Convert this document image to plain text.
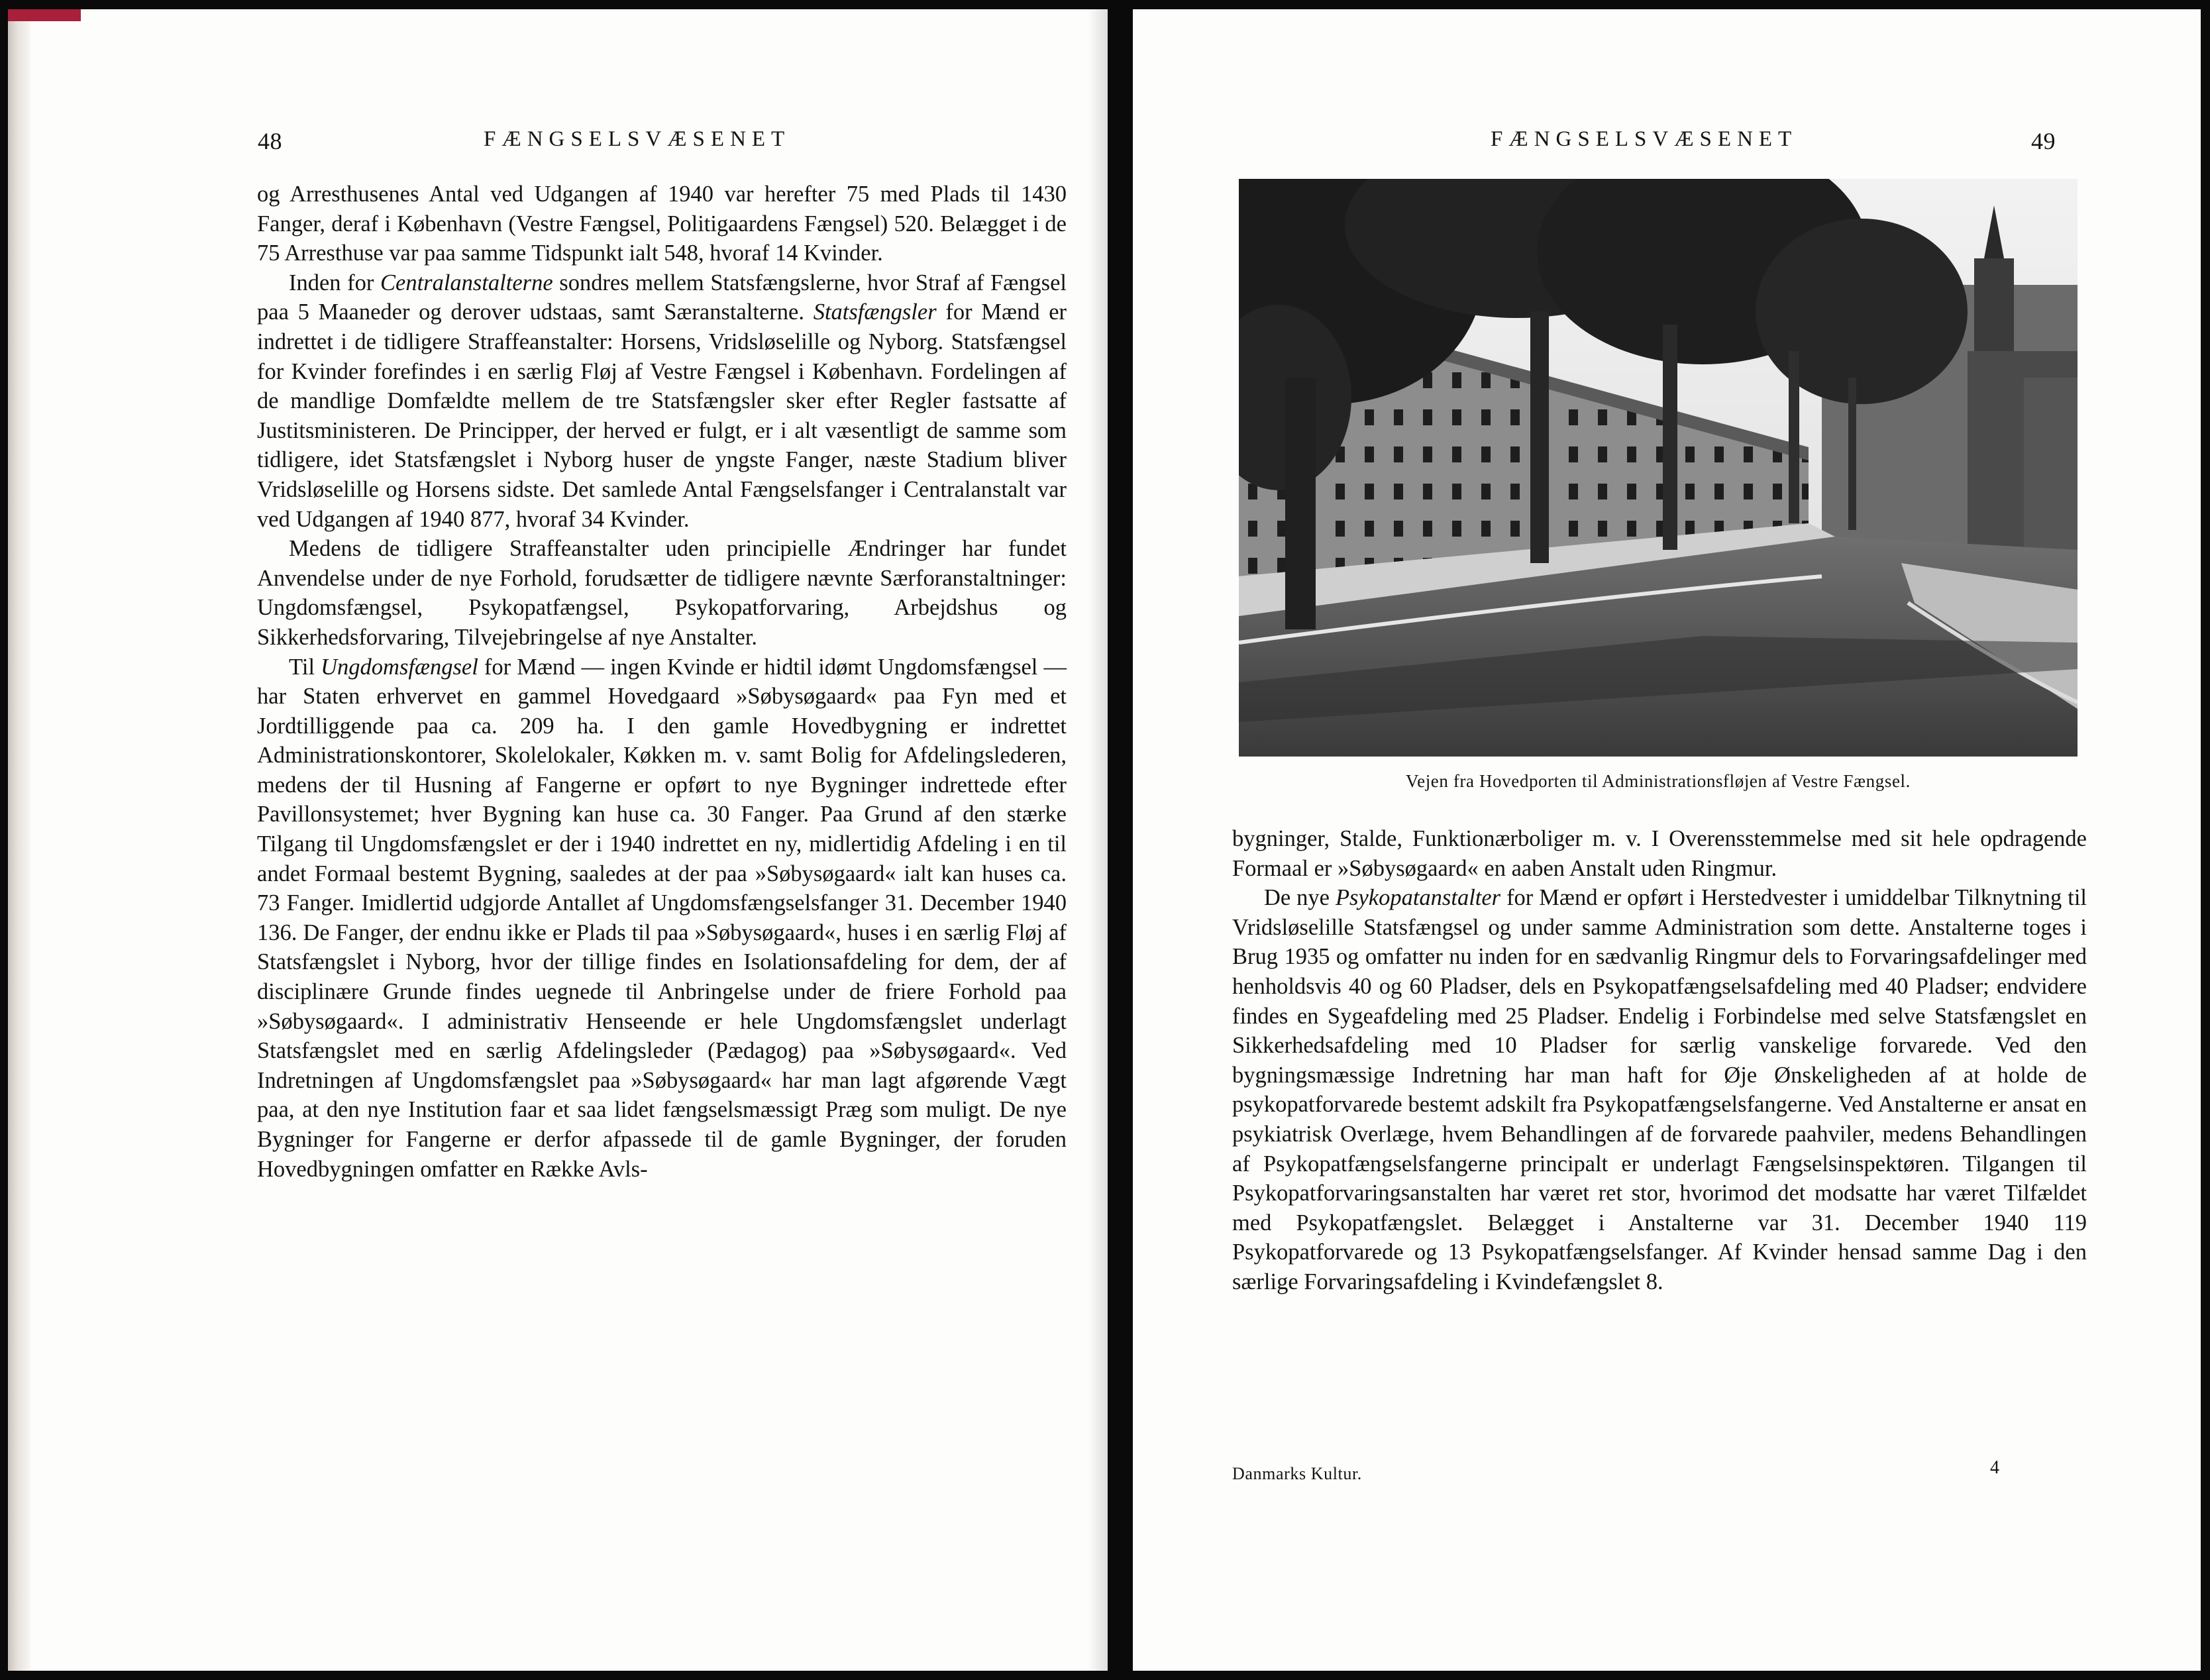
48	FÆNGSELSVÆSENET

og Arresthusenes Antal ved Udgangen af 1940 var herefter 75 med Plads til 1430 Fanger, deraf i København (Vestre Fængsel, Politigaardens Fængsel) 520. Belægget i de 75 Arresthuse var paa samme Tidspunkt ialt 548, hvoraf 14 Kvinder.

Inden for Centralanstalterne sondres mellem Statsfængslerne, hvor Straf af Fængsel paa 5 Maaneder og derover udstaas, samt Særanstalterne. Statsfængsler for Mænd er indrettet i de tidligere Straffeanstalter: Horsens, Vridsløselille og Nyborg. Statsfængsel for Kvinder forefindes i en særlig Fløj af Vestre Fængsel i København. Fordelingen af de mandlige Domfældte mellem de tre Statsfængsler sker efter Regler fastsatte af Justitsministeren. De Principper, der herved er fulgt, er i alt væsentligt de samme som tidligere, idet Statsfængslet i Nyborg huser de yngste Fanger, næste Stadium bliver Vridsløselille og Horsens sidste. Det samlede Antal Fængselsfanger i Centralanstalt var ved Udgangen af 1940 877, hvoraf 34 Kvinder.

Medens de tidligere Straffeanstalter uden principielle Ændringer har fundet Anvendelse under de nye Forhold, forudsætter de tidligere nævnte Særforanstaltninger: Ungdomsfængsel, Psykopatfængsel, Psykopatforvaring, Arbejdshus og Sikkerhedsforvaring, Tilvejebringelse af nye Anstalter.

Til Ungdomsfængsel for Mænd — ingen Kvinde er hidtil idømt Ungdomsfængsel — har Staten erhvervet en gammel Hovedgaard »Søbysøgaard« paa Fyn med et Jordtilliggende paa ca. 209 ha. I den gamle Hovedbygning er indrettet Administrationskontorer, Skolelokaler, Køkken m. v. samt Bolig for Afdelingslederen, medens der til Husning af Fangerne er opført to nye Bygninger indrettede efter Pavillonsystemet; hver Bygning kan huse ca. 30 Fanger. Paa Grund af den stærke Tilgang til Ungdomsfængslet er der i 1940 indrettet en ny, midlertidig Afdeling i en til andet Formaal bestemt Bygning, saaledes at der paa »Søbysøgaard« ialt kan huses ca. 73 Fanger. Imidlertid udgjorde Antallet af Ungdomsfængselsfanger 31. December 1940 136. De Fanger, der endnu ikke er Plads til paa »Søbysøgaard«, huses i en særlig Fløj af Statsfængslet i Nyborg, hvor der tillige findes en Isolationsafdeling for dem, der af disciplinære Grunde findes uegnede til Anbringelse under de friere Forhold paa »Søbysøgaard«. I administrativ Henseende er hele Ungdomsfængslet underlagt Statsfængslet med en særlig Afdelingsleder (Pædagog) paa »Søbysøgaard«. Ved Indretningen af Ungdomsfængslet paa »Søbysøgaard« har man lagt afgørende Vægt paa, at den nye Institution faar et saa lidet fængselsmæssigt Præg som muligt. De nye Bygninger for Fangerne er derfor afpassede til de gamle Bygninger, der foruden Hovedbygningen omfatter en Række Avls-

FÆNGSELSVÆSENET	49
Vejen fra Hovedporten til Administrationsfløjen af Vestre Fængsel.

bygninger, Stalde, Funktionærboliger m. v. I Overensstemmelse med sit hele opdragende Formaal er »Søbysøgaard« en aaben Anstalt uden Ringmur.

De nye Psykopatanstalter for Mænd er opført i Herstedvester i umiddelbar Tilknytning til Vridsløselille Statsfængsel og under samme Administration som dette. Anstalterne toges i Brug 1935 og omfatter nu inden for en sædvanlig Ringmur dels to Forvaringsafdelinger med henholdsvis 40 og 60 Pladser, dels en Psykopatfængselsafdeling med 40 Pladser; endvidere findes en Sygeafdeling med 25 Pladser. Endelig i Forbindelse med selve Statsfængslet en Sikkerhedsafdeling med 10 Pladser for særlig vanskelige forvarede. Ved den bygningsmæssige Indretning har man haft for Øje Ønskeligheden af at holde de psykopatforvarede bestemt adskilt fra Psykopatfængselsfangerne. Ved Anstalterne er ansat en psykiatrisk Overlæge, hvem Behandlingen af de forvarede paahviler, medens Behandlingen af Psykopatfængselsfangerne principalt er underlagt Fængselsinspektøren. Tilgangen til Psykopatforvaringsanstalten har været ret stor, hvorimod det modsatte har været Tilfældet med Psykopatfængslet. Belægget i Anstalterne var 31. December 1940 119 Psykopatforvarede og 13 Psykopatfængselsfanger. Af Kvinder hensad samme Dag i den særlige Forvaringsafdeling i Kvindefængslet 8.

Danmarks Kultur.	4
